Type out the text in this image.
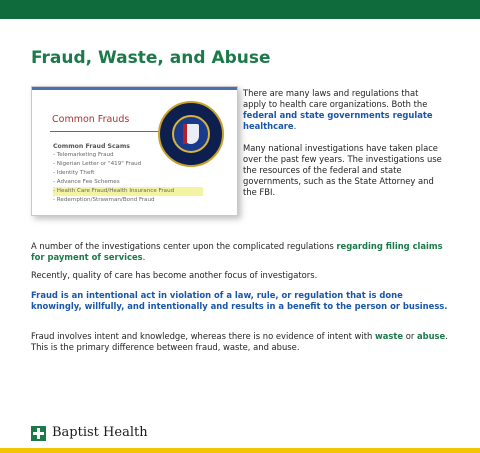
Fraud, Waste, and Abuse
Common Frauds
Common Fraud Scams
- Telemarketing Fraud
- Nigerian Letter or "419" Fraud
- Identity Theft
- Advance Fee Schemes
- Health Care Fraud/Health Insurance Fraud
- Redemption/Strawman/Bond Fraud

There are many laws and regulations that apply to health care organizations. Both the federal and state governments regulate healthcare.

Many national investigations have taken place over the past few years. The investigations use the resources of the federal and state governments, such as the State Attorney and the FBI.

A number of the investigations center upon the complicated regulations regarding filing claims for payment of services.

Recently, quality of care has become another focus of investigators.

Fraud is an intentional act in violation of a law, rule, or regulation that is done knowingly, willfully, and intentionally and results in a benefit to the person or business.

Fraud involves intent and knowledge, whereas there is no evidence of intent with waste or abuse. This is the primary difference between fraud, waste, and abuse.

Baptist Health
